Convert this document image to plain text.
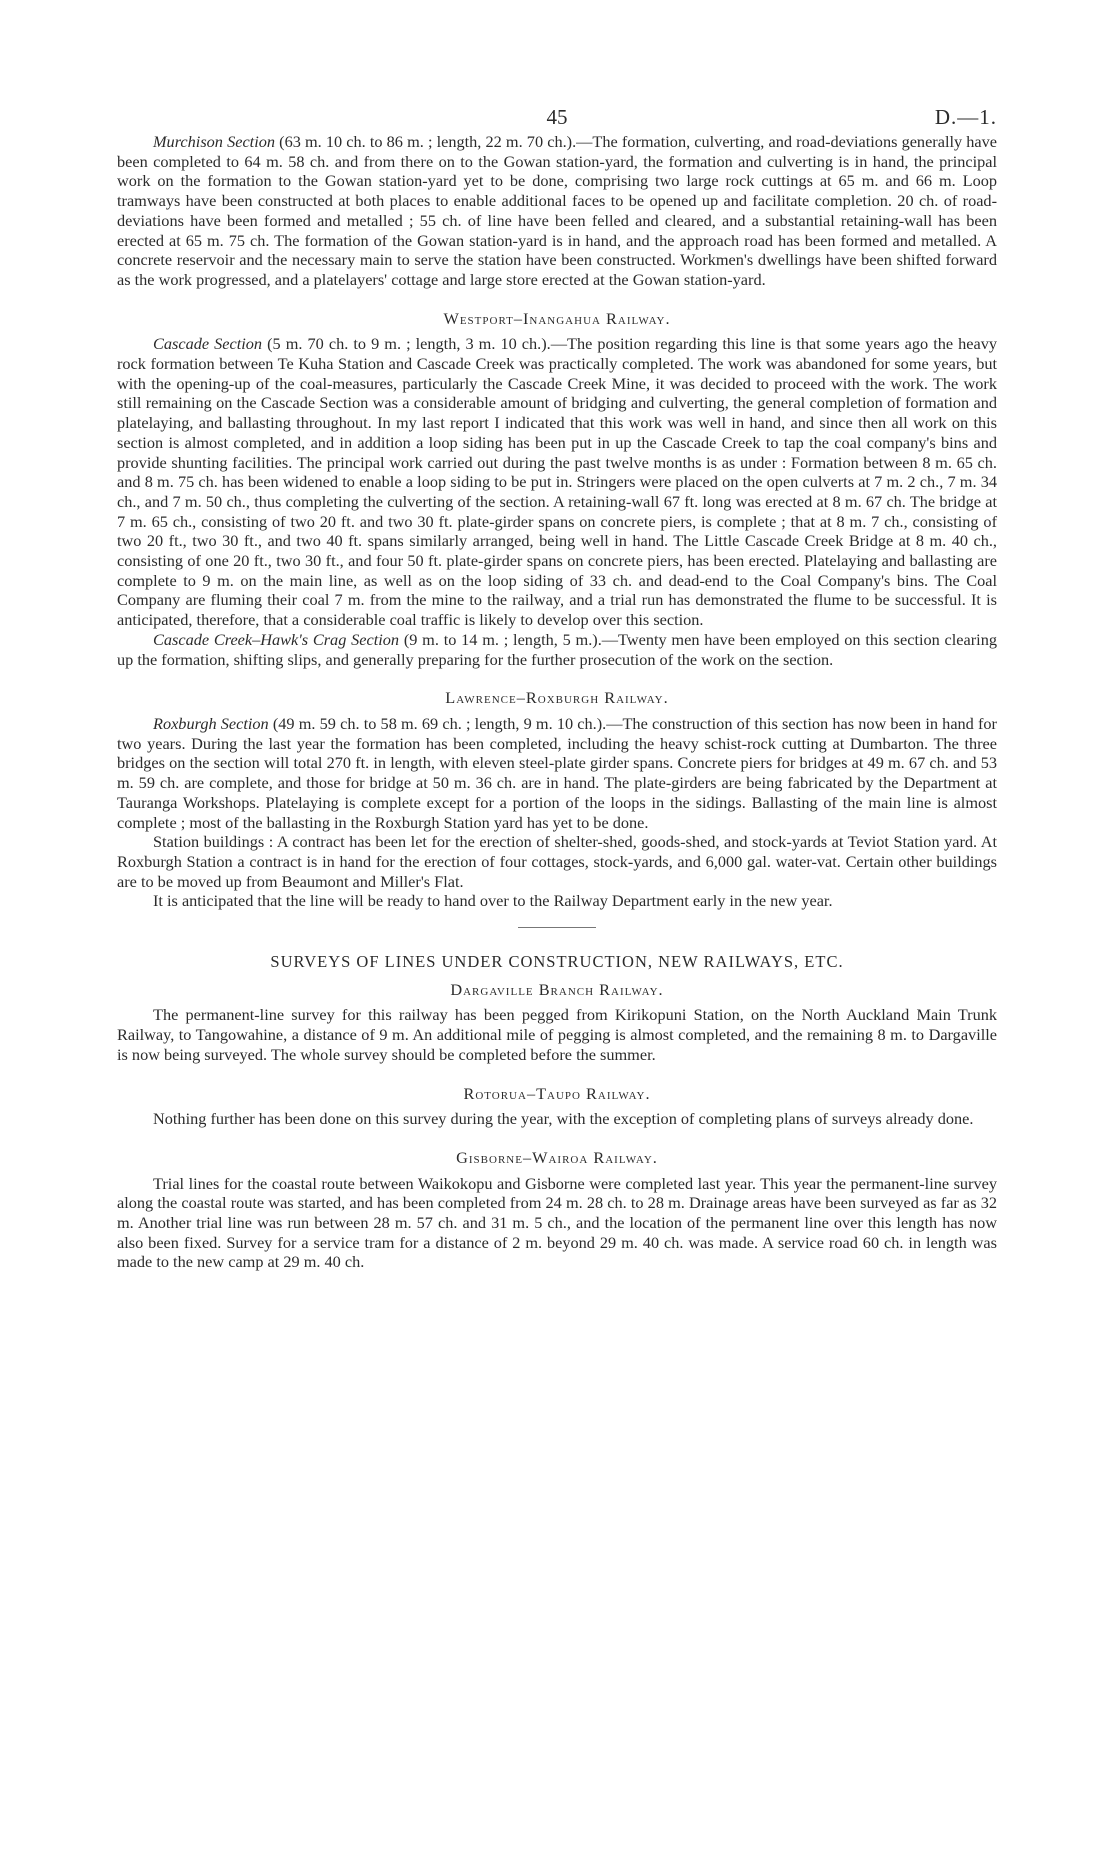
45	D.—1.

Murchison Section (63 m. 10 ch. to 86 m. ; length, 22 m. 70 ch.).—The formation, culverting, and road-deviations generally have been completed to 64 m. 58 ch. and from there on to the Gowan station-yard, the formation and culverting is in hand, the principal work on the formation to the Gowan station-yard yet to be done, comprising two large rock cuttings at 65 m. and 66 m. Loop tramways have been constructed at both places to enable additional faces to be opened up and facilitate completion. 20 ch. of road-deviations have been formed and metalled ; 55 ch. of line have been felled and cleared, and a substantial retaining-wall has been erected at 65 m. 75 ch. The formation of the Gowan station-yard is in hand, and the approach road has been formed and metalled. A concrete reservoir and the necessary main to serve the station have been constructed. Workmen's dwellings have been shifted forward as the work progressed, and a platelayers' cottage and large store erected at the Gowan station-yard.

Westport–Inangahua Railway.

Cascade Section (5 m. 70 ch. to 9 m. ; length, 3 m. 10 ch.).—The position regarding this line is that some years ago the heavy rock formation between Te Kuha Station and Cascade Creek was practically completed. The work was abandoned for some years, but with the opening-up of the coal-measures, particularly the Cascade Creek Mine, it was decided to proceed with the work. The work still remaining on the Cascade Section was a considerable amount of bridging and culverting, the general completion of formation and platelaying, and ballasting throughout. In my last report I indicated that this work was well in hand, and since then all work on this section is almost completed, and in addition a loop siding has been put in up the Cascade Creek to tap the coal company's bins and provide shunting facilities. The principal work carried out during the past twelve months is as under : Formation between 8 m. 65 ch. and 8 m. 75 ch. has been widened to enable a loop siding to be put in. Stringers were placed on the open culverts at 7 m. 2 ch., 7 m. 34 ch., and 7 m. 50 ch., thus completing the culverting of the section. A retaining-wall 67 ft. long was erected at 8 m. 67 ch. The bridge at 7 m. 65 ch., consisting of two 20 ft. and two 30 ft. plate-girder spans on concrete piers, is complete ; that at 8 m. 7 ch., consisting of two 20 ft., two 30 ft., and two 40 ft. spans similarly arranged, being well in hand. The Little Cascade Creek Bridge at 8 m. 40 ch., consisting of one 20 ft., two 30 ft., and four 50 ft. plate-girder spans on concrete piers, has been erected. Platelaying and ballasting are complete to 9 m. on the main line, as well as on the loop siding of 33 ch. and dead-end to the Coal Company's bins. The Coal Company are fluming their coal 7 m. from the mine to the railway, and a trial run has demonstrated the flume to be successful. It is anticipated, therefore, that a considerable coal traffic is likely to develop over this section.

Cascade Creek–Hawk's Crag Section (9 m. to 14 m. ; length, 5 m.).—Twenty men have been employed on this section clearing up the formation, shifting slips, and generally preparing for the further prosecution of the work on the section.

Lawrence–Roxburgh Railway.

Roxburgh Section (49 m. 59 ch. to 58 m. 69 ch. ; length, 9 m. 10 ch.).—The construction of this section has now been in hand for two years. During the last year the formation has been completed, including the heavy schist-rock cutting at Dumbarton. The three bridges on the section will total 270 ft. in length, with eleven steel-plate girder spans. Concrete piers for bridges at 49 m. 67 ch. and 53 m. 59 ch. are complete, and those for bridge at 50 m. 36 ch. are in hand. The plate-girders are being fabricated by the Department at Tauranga Workshops. Platelaying is complete except for a portion of the loops in the sidings. Ballasting of the main line is almost complete ; most of the ballasting in the Roxburgh Station yard has yet to be done.

Station buildings : A contract has been let for the erection of shelter-shed, goods-shed, and stock-yards at Teviot Station yard. At Roxburgh Station a contract is in hand for the erection of four cottages, stock-yards, and 6,000 gal. water-vat. Certain other buildings are to be moved up from Beaumont and Miller's Flat.

It is anticipated that the line will be ready to hand over to the Railway Department early in the new year.

SURVEYS OF LINES UNDER CONSTRUCTION, NEW RAILWAYS, ETC.
Dargaville Branch Railway.

The permanent-line survey for this railway has been pegged from Kirikopuni Station, on the North Auckland Main Trunk Railway, to Tangowahine, a distance of 9 m. An additional mile of pegging is almost completed, and the remaining 8 m. to Dargaville is now being surveyed. The whole survey should be completed before the summer.

Rotorua–Taupo Railway.

Nothing further has been done on this survey during the year, with the exception of completing plans of surveys already done.

Gisborne–Wairoa Railway.

Trial lines for the coastal route between Waikokopu and Gisborne were completed last year. This year the permanent-line survey along the coastal route was started, and has been completed from 24 m. 28 ch. to 28 m. Drainage areas have been surveyed as far as 32 m. Another trial line was run between 28 m. 57 ch. and 31 m. 5 ch., and the location of the permanent line over this length has now also been fixed. Survey for a service tram for a distance of 2 m. beyond 29 m. 40 ch. was made. A service road 60 ch. in length was made to the new camp at 29 m. 40 ch.
